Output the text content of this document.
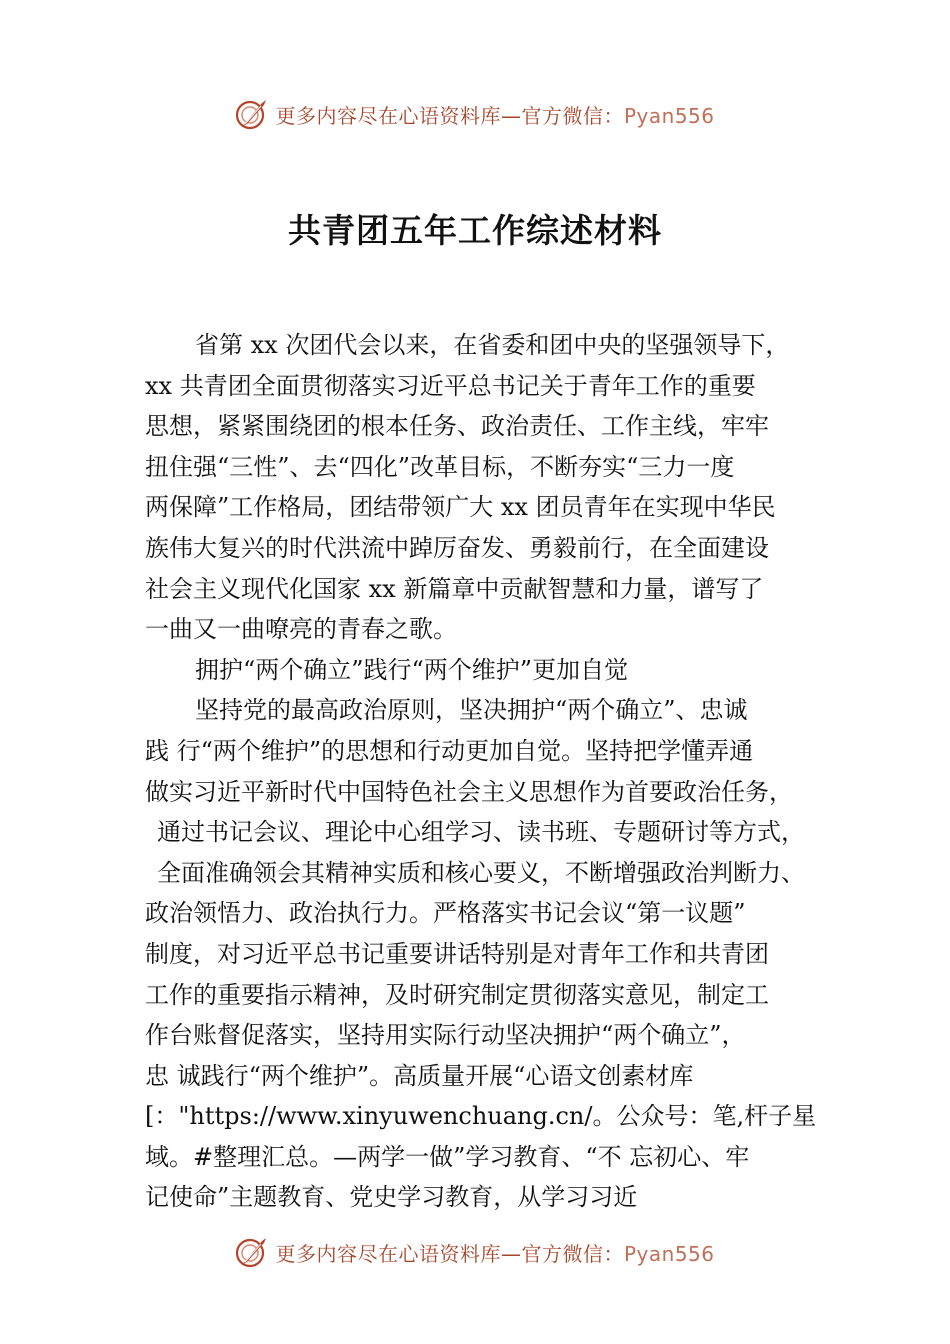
更多内容尽在心语资料库—官方微信：Pyan556
共青团五年工作综述材料
省第 xx 次团代会以来，在省委和团中央的坚强领导下，
xx 共青团全面贯彻落实习近平总书记关于青年工作的重要
思想，紧紧围绕团的根本任务、政治责任、工作主线，牢牢
扭住强“三性”、去“四化”改革目标，不断夯实“三力一度
两保障”工作格局，团结带领广大 xx 团员青年在实现中华民
族伟大复兴的时代洪流中踔厉奋发、勇毅前行，在全面建设
社会主义现代化国家 xx 新篇章中贡献智慧和力量，谱写了
一曲又一曲嘹亮的青春之歌。
拥护“两个确立”践行“两个维护”更加自觉
坚持党的最高政治原则，坚决拥护“两个确立”、忠诚
践 行“两个维护”的思想和行动更加自觉。坚持把学懂弄通
做实习近平新时代中国特色社会主义思想作为首要政治任务，
通过书记会议、理论中心组学习、读书班、专题研讨等方式，
全面准确领会其精神实质和核心要义，不断增强政治判断力、
政治领悟力、政治执行力。严格落实书记会议“第一议题”
制度，对习近平总书记重要讲话特别是对青年工作和共青团
工作的重要指示精神，及时研究制定贯彻落实意见，制定工
作台账督促落实，坚持用实际行动坚决拥护“两个确立”，
忠 诚践行“两个维护”。高质量开展“心语文创素材库
[："https://www.xinyuwenchuang.cn/。公众号：笔,杆子星
域。#整理汇总。—两学一做”学习教育、“不 忘初心、牢
记使命”主题教育、党史学习教育，从学习习近
更多内容尽在心语资料库—官方微信：Pyan556
